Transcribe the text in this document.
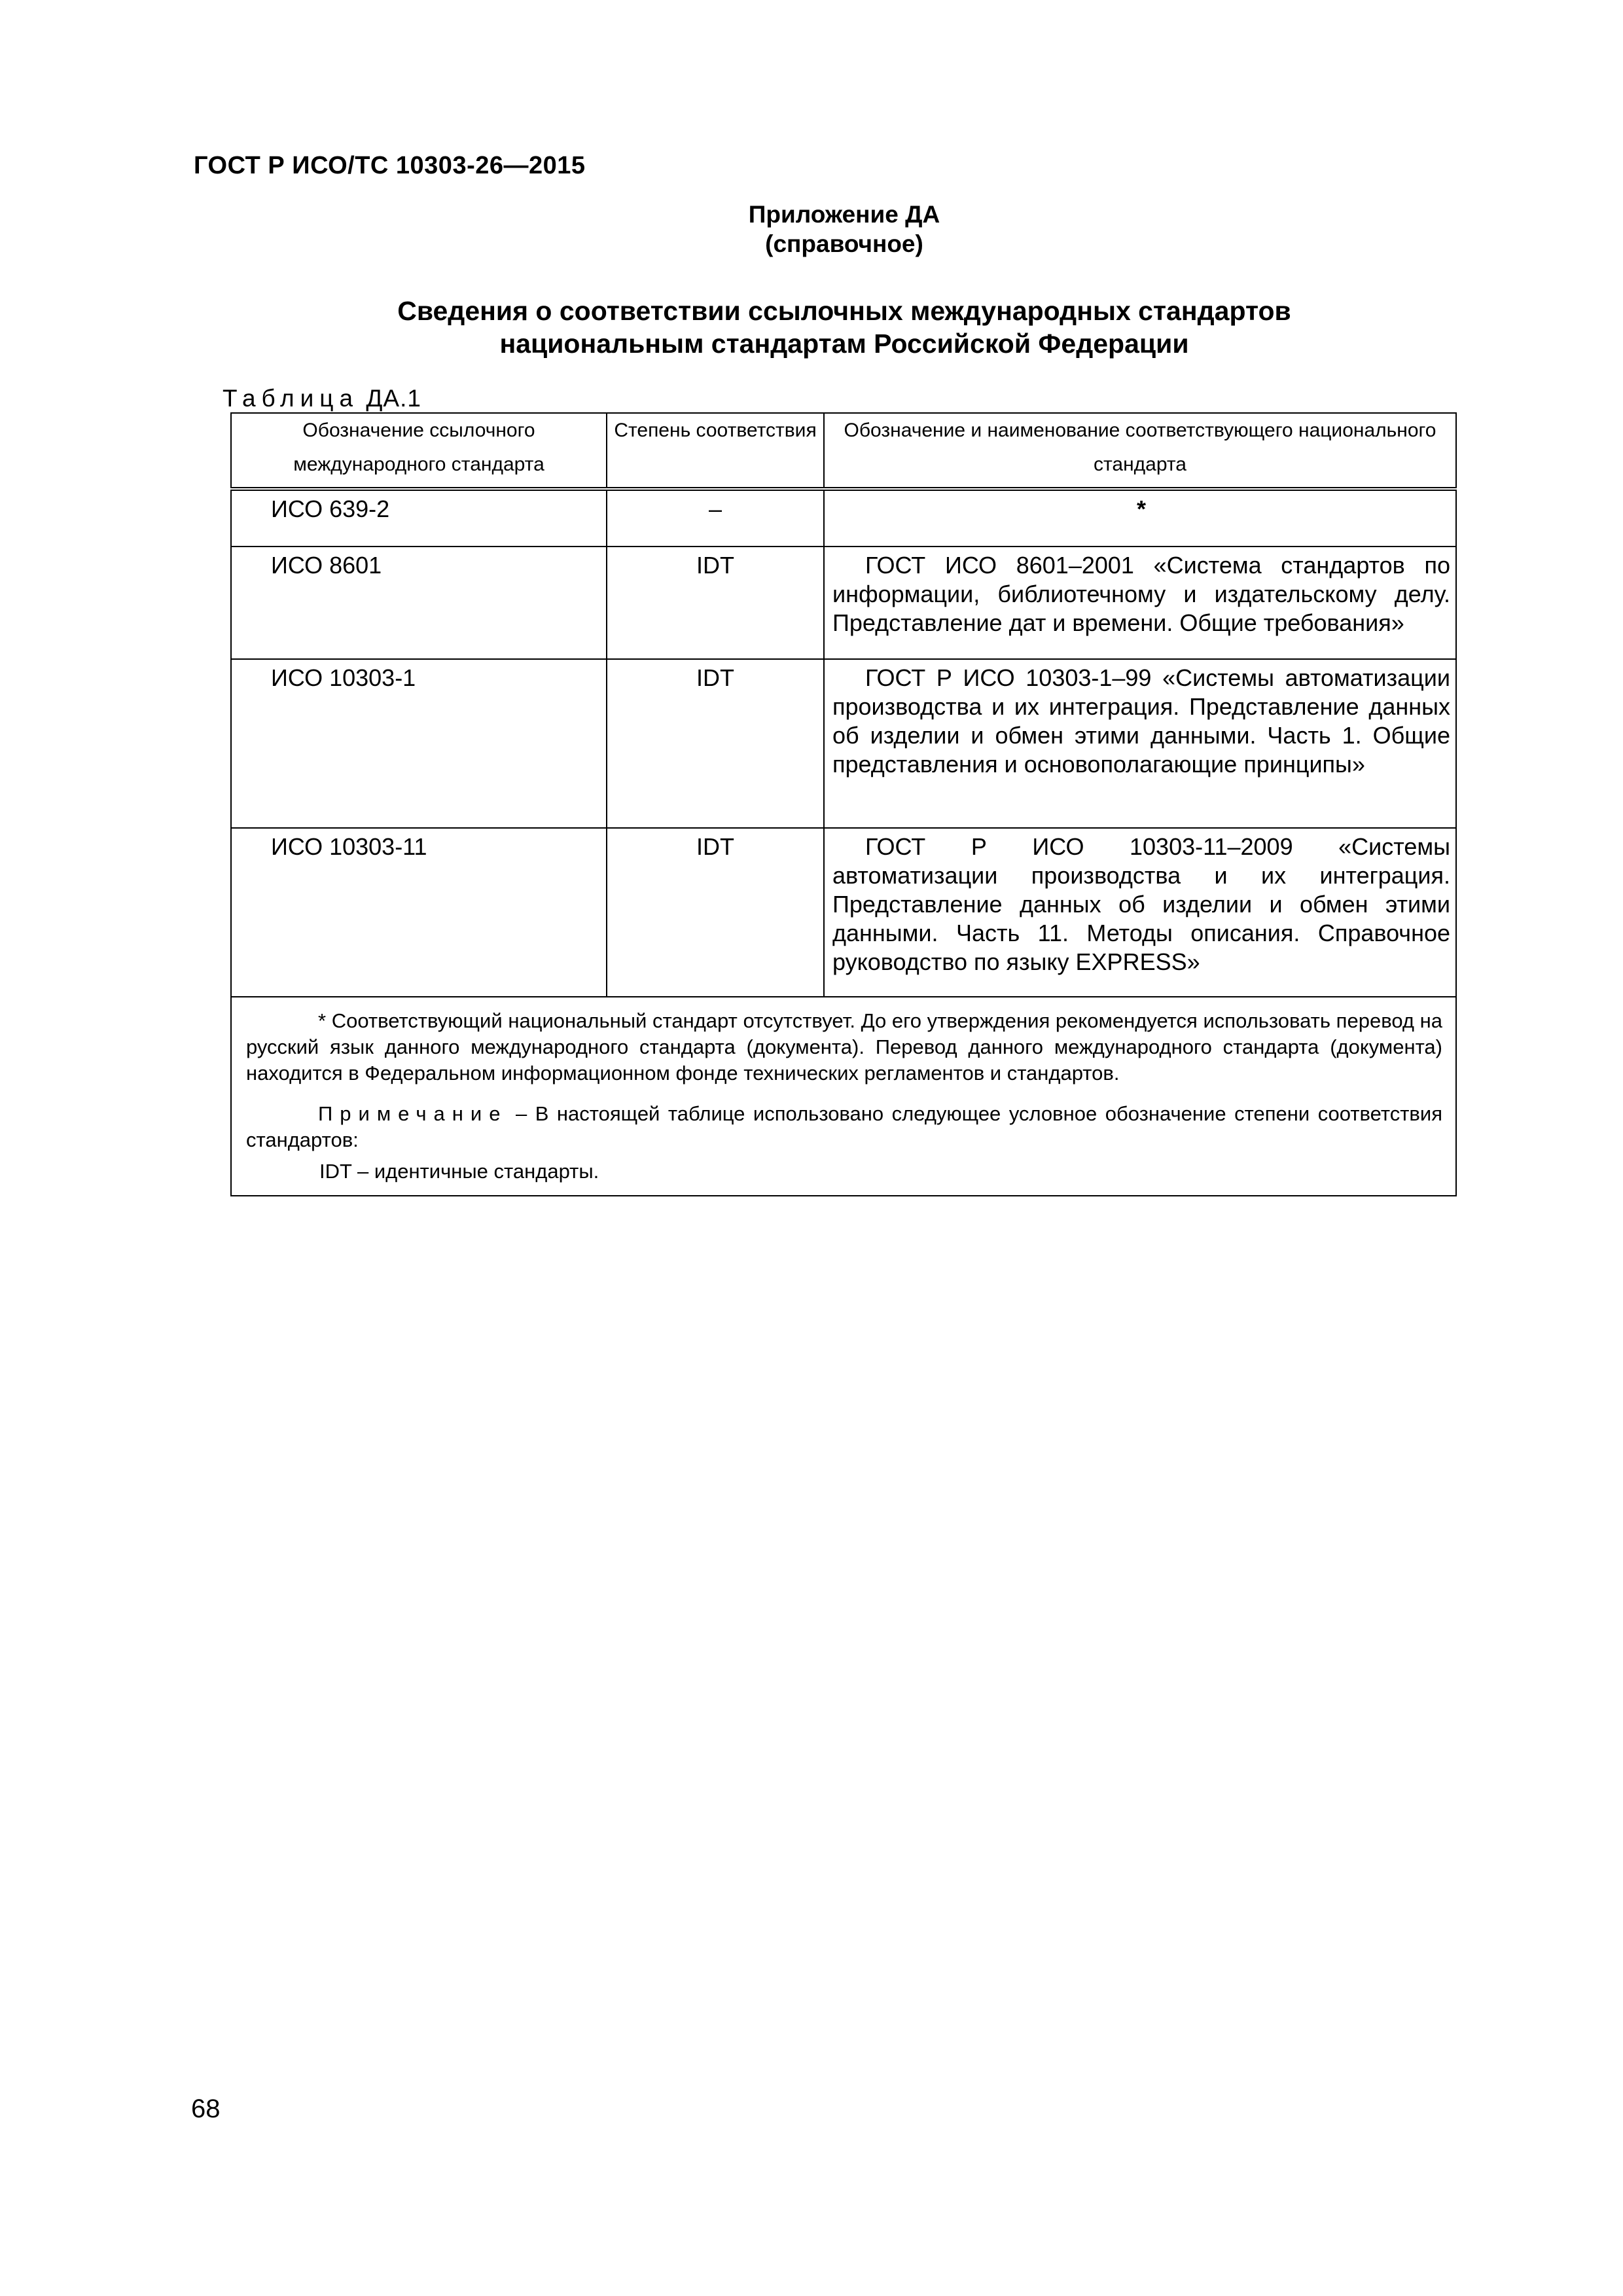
ГОСТ Р ИСО/ТС 10303-26—2015
Приложение ДА
(справочное)
Сведения о соответствии ссылочных международных стандартов
национальным стандартам Российской Федерации
Таблица ДА.1
Обозначение ссылочного международного стандарта	Степень соответствия	Обозначение и наименование соответствующего национального стандарта
ИСО 639-2	–	*
ИСО 8601	IDT	ГОСТ ИСО 8601–2001 «Система стандартов по информации, библиотечному и издательскому делу. Представление дат и времени. Общие требования»
ИСО 10303-1	IDT	ГОСТ Р ИСО 10303-1–99 «Системы автоматизации производства и их интеграция. Представление данных об изделии и обмен этими данными. Часть 1. Общие представления и основополагающие принципы»
ИСО 10303-11	IDT	ГОСТ Р ИСО 10303-11–2009 «Системы автоматизации производства и их интеграция. Представление данных об изделии и обмен этими данными. Часть 11. Методы описания. Справочное руководство по языку EXPRESS»

* Соответствующий национальный стандарт отсутствует. До его утверждения рекомендуется использовать перевод на русский язык данного международного стандарта (документа). Перевод данного международного стандарта (документа) находится в Федеральном информационном фонде технических регламентов и стандартов.

Примечание – В настоящей таблице использовано следующее условное обозначение степени соответствия стандартов:

IDT – идентичные стандарты.		

68
